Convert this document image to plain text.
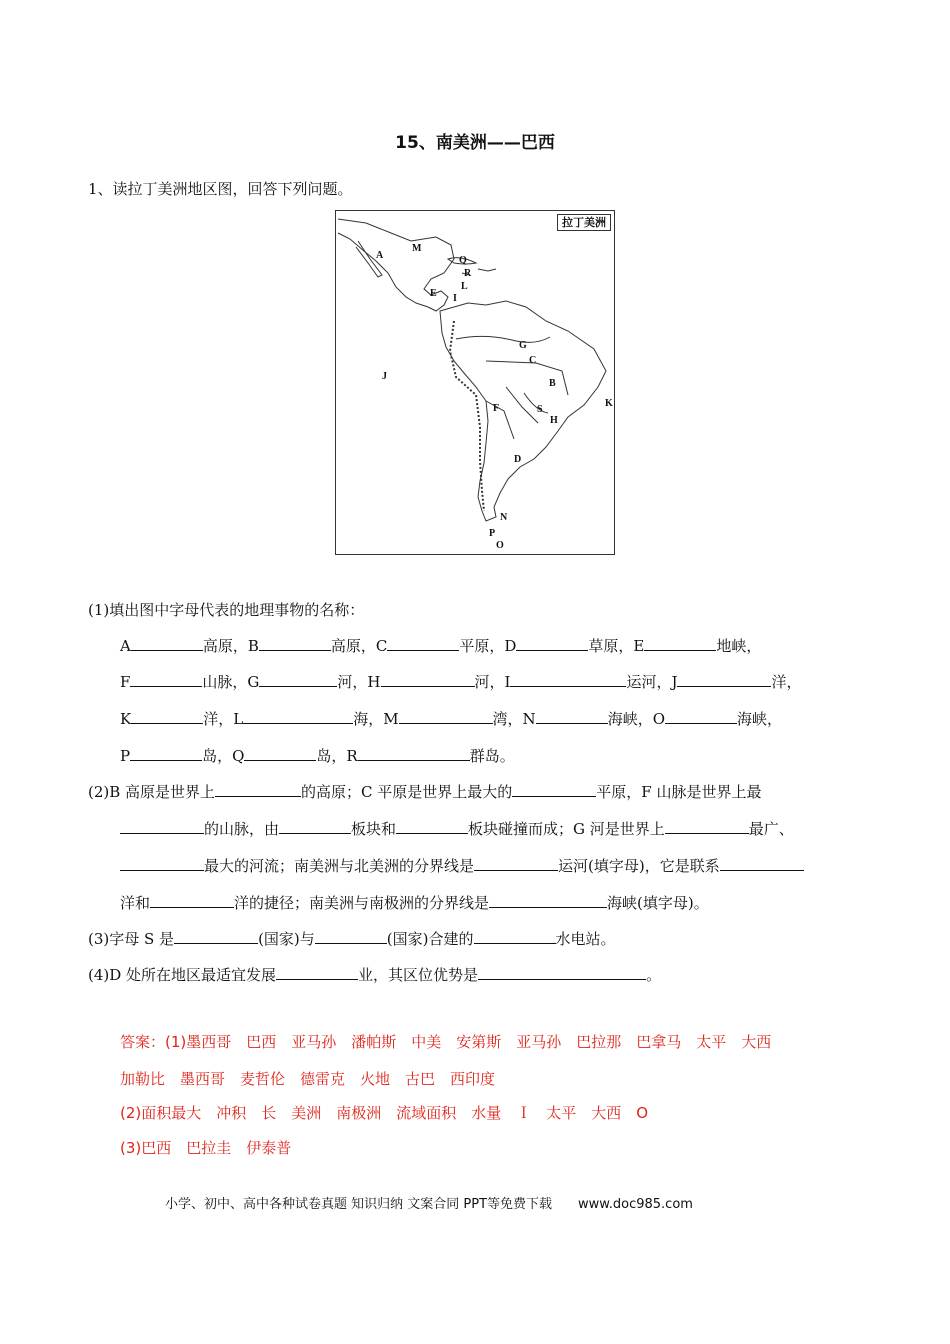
15、南美洲——巴西
1、读拉丁美洲地区图，回答下列问题。
拉丁美洲
M
A	Q
R
L
E I
J
G
C
B
K
F	S
H
D
N
P
O
(1)填出图中字母代表的地理事物的名称：
A	高原，B	高原，C	平原，D	草原，E	地峡，
F	山脉，G	河，H	河，I	运河，J	洋，
K	洋，L	海，M	湾，N	海峡，O	海峡，
P	岛，Q	岛，R	群岛。
(2)B 高原是世界上	的高原；C 平原是世界上最大的	平原，F 山脉是世界上最
的山脉，由	板块和	板块碰撞而成；G 河是世界上	最广、
最大的河流；南美洲与北美洲的分界线是	运河(填字母)，它是联系
洋和	洋的捷径；南美洲与南极洲的分界线是	海峡(填字母)。
(3)字母 S 是	(国家)与	(国家)合建的	水电站。
(4)D 处所在地区最适宜发展	业，其区位优势是	。
答案：(1)墨西哥　巴西　亚马孙　潘帕斯　中美　安第斯　亚马孙　巴拉那　巴拿马　太平　大西
加勒比　墨西哥　麦哲伦　德雷克　火地　古巴　西印度
(2)面积最大　冲积　长　美洲　南极洲　流域面积　水量　Ｉ　太平　大西　O
(3)巴西　巴拉圭　伊泰普
小学、初中、高中各种试卷真题 知识归纳 文案合同 PPT等免费下载 www.doc985.com
